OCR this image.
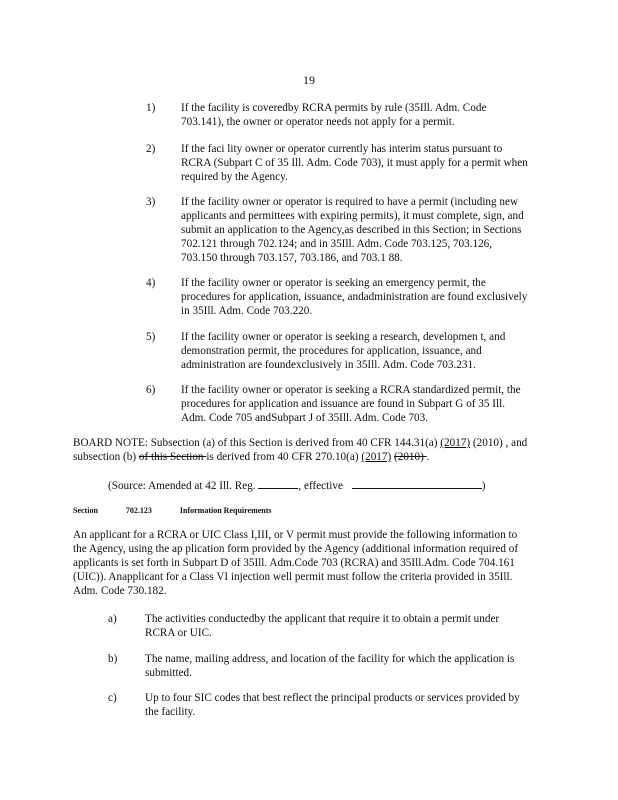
19
1) If the facility is coveredby RCRA permits by rule (35Ill. Adm. Code 703.141), the owner or operator needs not apply for a permit.
2) If the faci lity owner or operator currently has interim status pursuant to RCRA (Subpart C of 35 Ill. Adm. Code 703), it must apply for a permit when required by the Agency.
3) If the facility owner or operator is required to have a permit (including new applicants and permittees with expiring permits), it must complete, sign, and submit an application to the Agency,as described in this Section; in Sections 702.121 through 702.124; and in 35Ill. Adm. Code 703.125, 703.126, 703.150 through 703.157, 703.186, and 703.1 88.
4) If the facility owner or operator is seeking an emergency permit, the procedures for application, issuance, andadministration are found exclusively in 35Ill. Adm. Code 703.220.
5) If the facility owner or operator is seeking a research, developmen t, and demonstration permit, the procedures for application, issuance, and administration are foundexclusively in 35Ill. Adm. Code 703.231.
6) If the facility owner or operator is seeking a RCRA standardized permit, the procedures for application and issuance are found in Subpart G of 35 Ill. Adm. Code 705 andSubpart J of 35Ill. Adm. Code 703.
BOARD NOTE: Subsection (a) of this Section is derived from 40 CFR 144.31(a) (2017) (2010) , and subsection (b) of this Section is derived from 40 CFR 270.10(a) (2017) (2010) .
(Source: Amended at 42 Ill. Reg.	, effective	)
Section	702.123	Information Requirements
An applicant for a RCRA or UIC Class I,III, or V permit must provide the following information to the Agency, using the ap plication form provided by the Agency (additional information required of applicants is set forth in Subpart D of 35Ill. Adm.Code 703 (RCRA) and 35Ill.Adm. Code 704.161 (UIC)). Anapplicant for a Class VI injection well permit must follow the criteria provided in 35Ill. Adm. Code 730.182.
a)	The activities conductedby the applicant that require it to obtain a permit under RCRA or UIC.
b) The name, mailing address, and location of the facility for which the application is submitted.
c)	Up to four SIC codes that best reflect the principal products or services provided by the facility.
